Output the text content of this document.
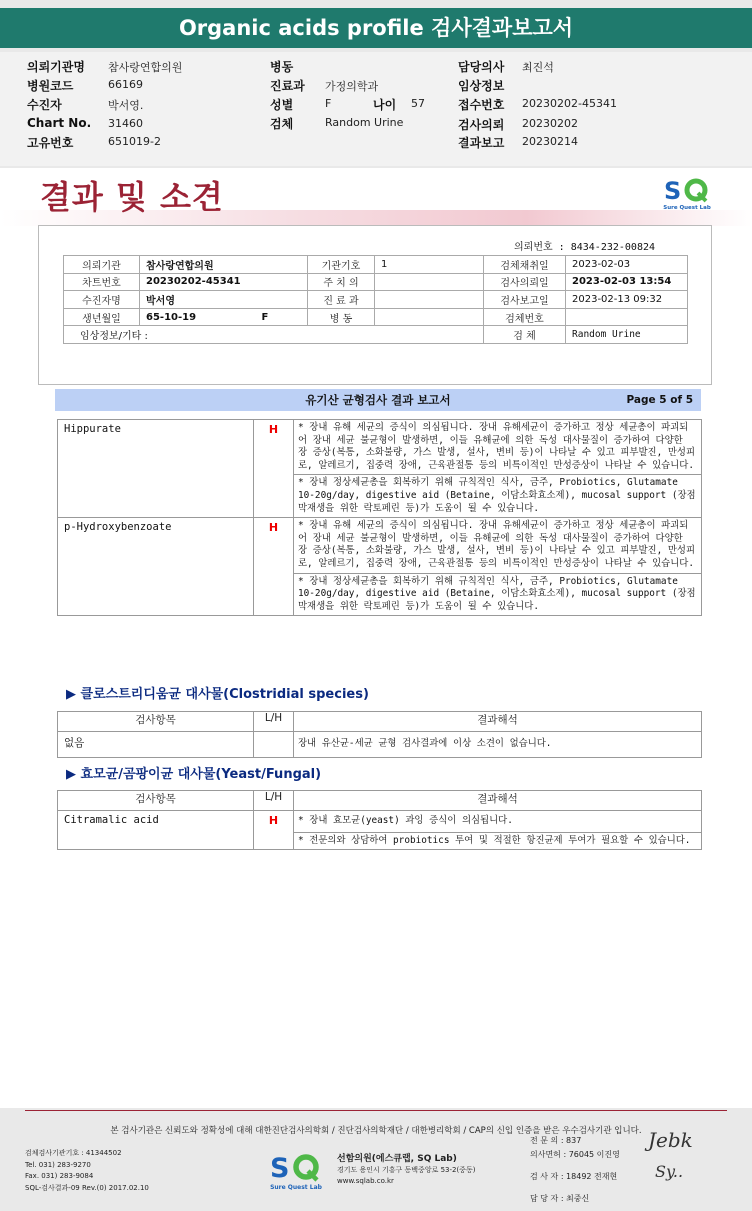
Organic acids profile 검사결과보고서
의뢰기관명 참사랑연합의원
병원코드	66169
수진자	박서영.
Chart No. 31460
고유번호	651019-2
병동
진료과 가정의학과
성별	F	나이 57
검체	Random Urine
담당의사 최진석
임상정보
접수번호 20230202-45341
검사의뢰 20230202
결과보고 20230214
결과 및 소견	S
Sure Quest Lab
의뢰번호 : 8434-232-00824
의뢰기관	참사랑연합의원	기관기호	1	검체채취일	2023-02-03
차트번호	20230202-45341	주 치 의		검사의뢰일	2023-02-03 13:54
수진자명	박서영	진 료 과		검사보고일	2023-02-13 09:32
생년월일	65-10-19 F	병 동		검체번호	
임상정보/기타 :				검 체	Random Urine
유기산 균형검사 결과 보고서	Page 5 of 5
Hippurate	H	* 장내 유해 세균의 증식이 의심됩니다. 장내 유해세균이 증가하고 정상 세균총이 파괴되어 장내 세균 불균형이 발생하면, 이들 유해균에 의한 독성 대사물질이 증가하여 다양한 장 증상(복통, 소화불량, 가스 발생, 설사, 변비 등)이 나타날 수 있고 피부발진, 만성피로, 알레르기, 집중력 장애, 근육관절통 등의 비특이적인 만성증상이 나타날 수 있습니다.
* 장내 정상세균총을 회복하기 위해 규칙적인 식사, 금주, Probiotics, Glutamate 10-20g/day, digestive aid (Betaine, 이담소화효소제), mucosal support (장점막재생을 위한 락토페린 등)가 도움이 될 수 있습니다.

p-Hydroxybenzoate	H	* 장내 유해 세균의 증식이 의심됩니다. 장내 유해세균이 증가하고 정상 세균총이 파괴되어 장내 세균 불균형이 발생하면, 이들 유해균에 의한 독성 대사물질이 증가하여 다양한 장 증상(복통, 소화불량, 가스 발생, 설사, 변비 등)이 나타날 수 있고 피부발진, 만성피로, 알레르기, 집중력 장애, 근육관절통 등의 비특이적인 만성증상이 나타날 수 있습니다.
* 장내 정상세균총을 회복하기 위해 규칙적인 식사, 금주, Probiotics, Glutamate 10-20g/day, digestive aid (Betaine, 이담소화효소제), mucosal support (장점막재생을 위한 락토페린 등)가 도움이 될 수 있습니다.
▶ 클로스트리디움균 대사물(Clostridial species)
검사항목	L/H	결과해석
없음		장내 유산균-세균 균형 검사결과에 이상 소견이 없습니다.
▶ 효모균/곰팡이균 대사물(Yeast/Fungal)
검사항목	L/H	결과해석
Citramalic acid	H	* 장내 효모균(yeast) 과잉 증식이 의심됩니다.
* 전문의와 상담하여 probiotics 투여 및 적절한 항진균제 투여가 필요할 수 있습니다.
본 검사기관은 신뢰도와 정확성에 대해 대한진단검사의학회 / 진단검사의학재단 / 대한병리학회 / CAP의 신입 인증을 받은 우수검사기관 입니다.
검체검사기관기호 : 41344502
Tel. 031) 283-9270
Fax. 031) 283-9084
SQL-검사결과-09 Rev.(0) 2017.02.10
S
Sure Quest Lab
선함의원(에스큐랩, SQ Lab)
경기도 용인시 기흥구 동백중앙로 53-2(중동)
www.sqlab.co.kr
전 문 의 : 837
의사면허 : 76045 이진영
검 사 자 : 18492 전재현
담 당 자 : 최중신
Jebk
Sy..
